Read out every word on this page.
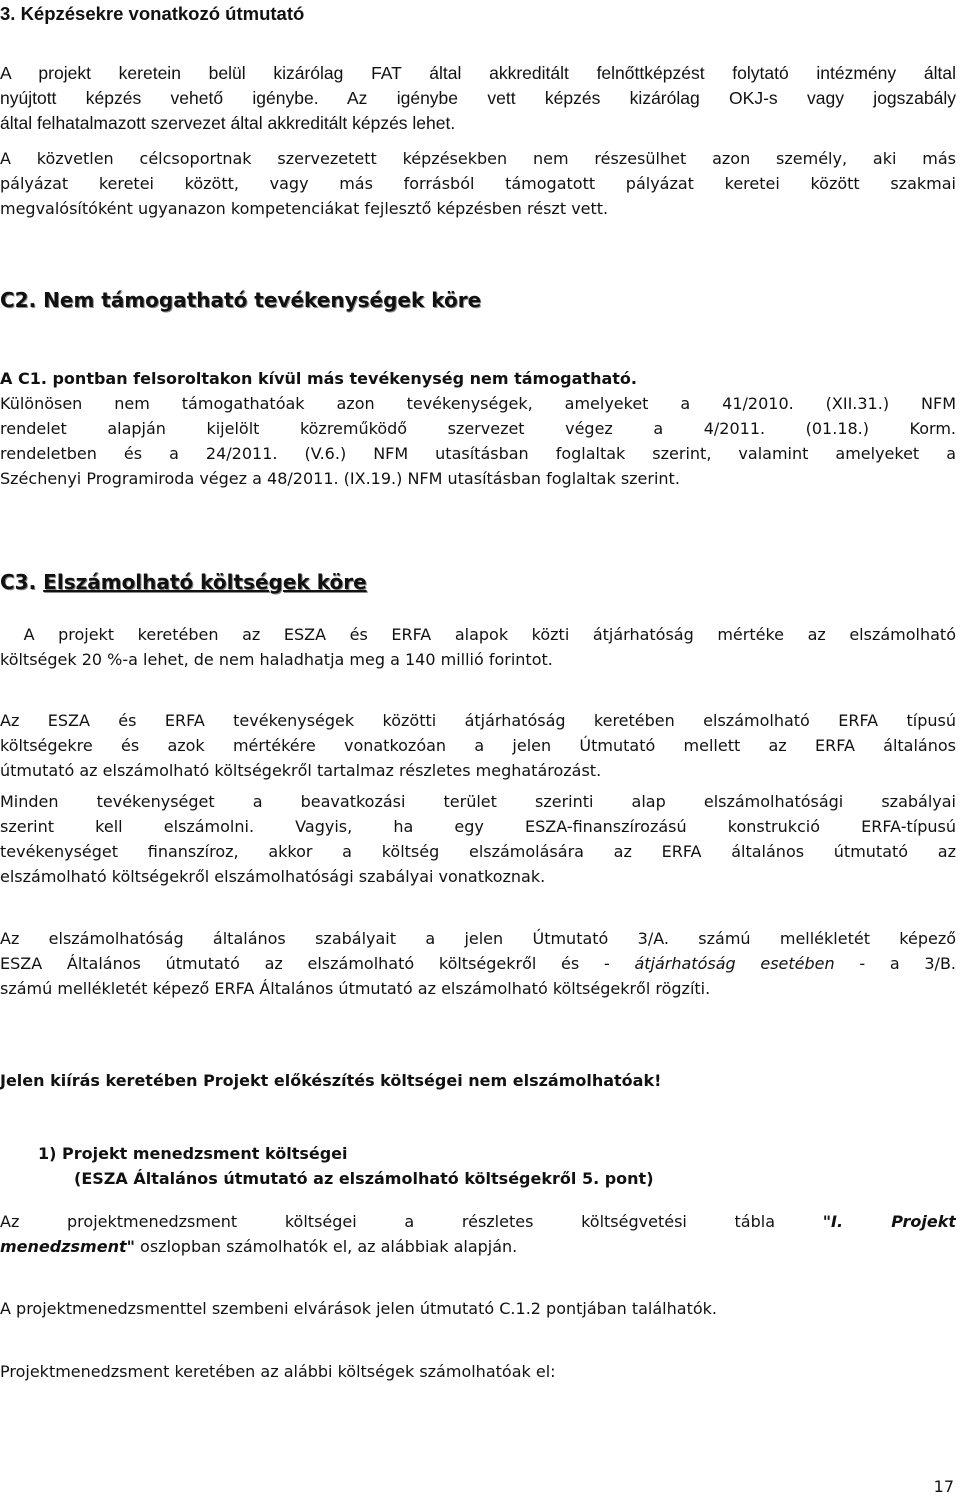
3. Képzésekre vonatkozó útmutató
A projekt keretein belül kizárólag FAT által akkreditált felnőttképzést folytató intézmény által
nyújtott képzés vehető igénybe. Az igénybe vett képzés kizárólag OKJ-s vagy jogszabály
által felhatalmazott szervezet által akkreditált képzés lehet.
A közvetlen célcsoportnak szervezetett képzésekben nem részesülhet azon személy, aki más
pályázat keretei között, vagy más forrásból támogatott pályázat keretei között szakmai
megvalósítóként ugyanazon kompetenciákat fejlesztő képzésben részt vett.
C2. Nem támogatható tevékenységek köre
A C1. pontban felsoroltakon kívül más tevékenység nem támogatható.
Különösen nem támogathatóak azon tevékenységek, amelyeket a 41/2010. (XII.31.) NFM
rendelet alapján kijelölt közreműködő szervezet végez a 4/2011. (01.18.) Korm.
rendeletben és a 24/2011. (V.6.) NFM utasításban foglaltak szerint, valamint amelyeket a
Széchenyi Programiroda végez a 48/2011. (IX.19.) NFM utasításban foglaltak szerint.
C3. Elszámolható költségek köre
A projekt keretében az ESZA és ERFA alapok közti átjárhatóság mértéke az elszámolható
költségek 20 %-a lehet, de nem haladhatja meg a 140 millió forintot.
Az ESZA és ERFA tevékenységek közötti átjárhatóság keretében elszámolható ERFA típusú
költségekre és azok mértékére vonatkozóan a jelen Útmutató mellett az ERFA általános
útmutató az elszámolható költségekről tartalmaz részletes meghatározást.
Minden tevékenységet a beavatkozási terület szerinti alap elszámolhatósági szabályai
szerint kell elszámolni. Vagyis, ha egy ESZA-finanszírozású konstrukció ERFA-típusú
tevékenységet finanszíroz, akkor a költség elszámolására az ERFA általános útmutató az
elszámolható költségekről elszámolhatósági szabályai vonatkoznak.
Az elszámolhatóság általános szabályait a jelen Útmutató 3/A. számú mellékletét képező
ESZA Általános útmutató az elszámolható költségekről és - átjárhatóság esetében - a 3/B.
számú mellékletét képező ERFA Általános útmutató az elszámolható költségekről rögzíti.
Jelen kiírás keretében Projekt előkészítés költségei nem elszámolhatóak!
1) Projekt menedzsment költségei
(ESZA Általános útmutató az elszámolható költségekről 5. pont)
Az projektmenedzsment költségei a részletes költségvetési tábla "I. Projekt
menedzsment" oszlopban számolhatók el, az alábbiak alapján.
A projektmenedzsmenttel szembeni elvárások jelen útmutató C.1.2 pontjában találhatók.
Projektmenedzsment keretében az alábbi költségek számolhatóak el:
17
